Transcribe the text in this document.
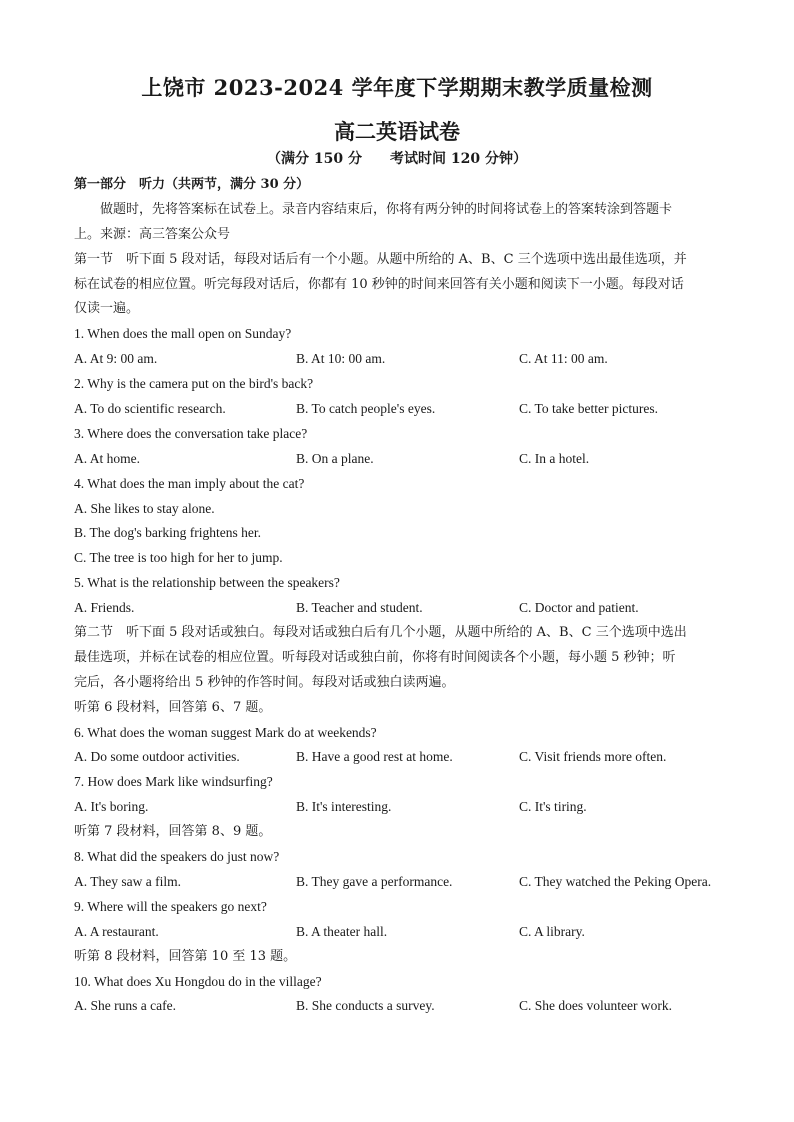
上饶市 2023-2024 学年度下学期期末教学质量检测
高二英语试卷
（满分 150 分　　考试时间 120 分钟）
第一部分　听力（共两节，满分 30 分）
做题时，先将答案标在试卷上。录音内容结束后，你将有两分钟的时间将试卷上的答案转涂到答题卡
上。来源：高三答案公众号
第一节　听下面 5 段对话，每段对话后有一个小题。从题中所给的 A、B、C 三个选项中选出最佳选项，并
标在试卷的相应位置。听完每段对话后，你都有 10 秒钟的时间来回答有关小题和阅读下一小题。每段对话
仅读一遍。
1. When does the mall open on Sunday?
A. At 9: 00 am.	B. At 10: 00 am.	C. At 11: 00 am.
2. Why is the camera put on the bird's back?
A. To do scientific research.	B. To catch people's eyes.	C. To take better pictures.
3. Where does the conversation take place?
A. At home.	B. On a plane.	C. In a hotel.
4. What does the man imply about the cat?
A. She likes to stay alone.
B. The dog's barking frightens her.
C. The tree is too high for her to jump.
5. What is the relationship between the speakers?
A. Friends.	B. Teacher and student.	C. Doctor and patient.
第二节　听下面 5 段对话或独白。每段对话或独白后有几个小题，从题中所给的 A、B、C 三个选项中选出
最佳选项，并标在试卷的相应位置。听每段对话或独白前，你将有时间阅读各个小题，每小题 5 秒钟；听
完后，各小题将给出 5 秒钟的作答时间。每段对话或独白读两遍。
听第 6 段材料，回答第 6、7 题。
6. What does the woman suggest Mark do at weekends?
A. Do some outdoor activities.	B. Have a good rest at home.	C. Visit friends more often.
7. How does Mark like windsurfing?
A. It's boring.	B. It's interesting.	C. It's tiring.
听第 7 段材料，回答第 8、9 题。
8. What did the speakers do just now?
A. They saw a film.	B. They gave a performance.	C. They watched the Peking Opera.
9. Where will the speakers go next?
A. A restaurant.	B. A theater hall.	C. A library.
听第 8 段材料，回答第 10 至 13 题。
10. What does Xu Hongdou do in the village?
A. She runs a cafe.	B. She conducts a survey.	C. She does volunteer work.
